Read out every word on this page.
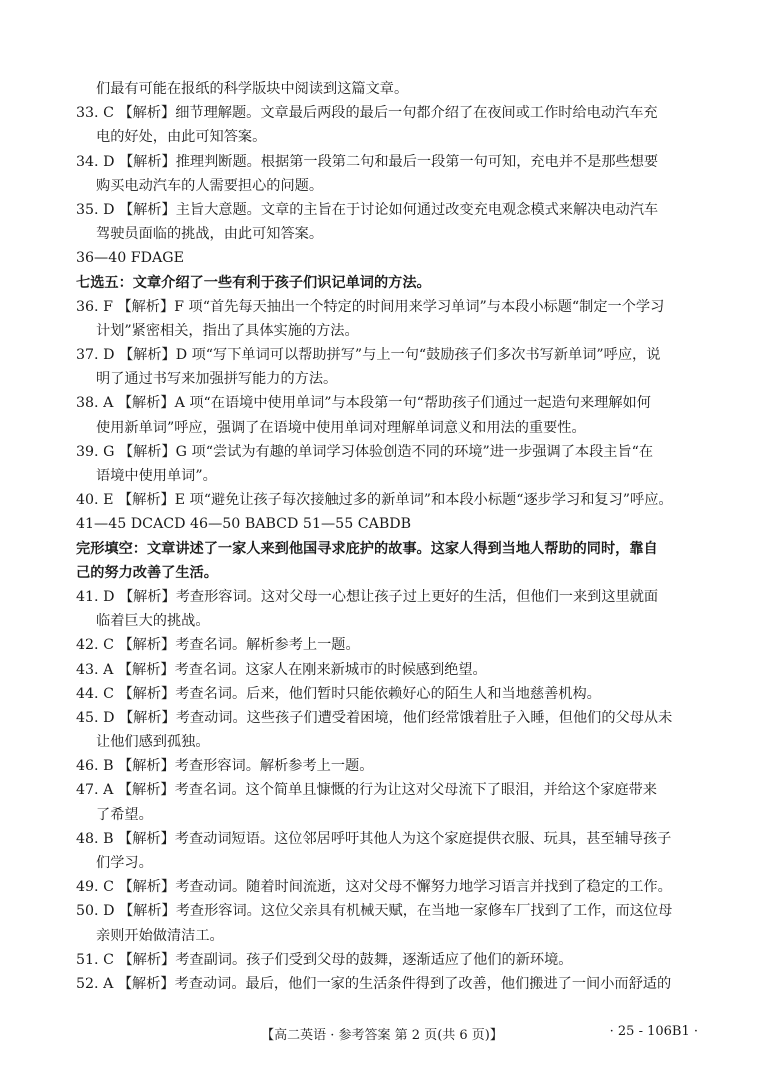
们最有可能在报纸的科学版块中阅读到这篇文章。
33. C 【解析】细节理解题。文章最后两段的最后一句都介绍了在夜间或工作时给电动汽车充
电的好处，由此可知答案。
34. D 【解析】推理判断题。根据第一段第二句和最后一段第一句可知，充电并不是那些想要
购买电动汽车的人需要担心的问题。
35. D 【解析】主旨大意题。文章的主旨在于讨论如何通过改变充电观念模式来解决电动汽车
驾驶员面临的挑战，由此可知答案。
36—40 FDAGE
七选五：文章介绍了一些有利于孩子们识记单词的方法。
36. F 【解析】F 项“首先每天抽出一个特定的时间用来学习单词”与本段小标题“制定一个学习
计划”紧密相关，指出了具体实施的方法。
37. D 【解析】D 项“写下单词可以帮助拼写”与上一句“鼓励孩子们多次书写新单词”呼应，说
明了通过书写来加强拼写能力的方法。
38. A 【解析】A 项“在语境中使用单词”与本段第一句“帮助孩子们通过一起造句来理解如何
使用新单词”呼应，强调了在语境中使用单词对理解单词意义和用法的重要性。
39. G 【解析】G 项“尝试为有趣的单词学习体验创造不同的环境”进一步强调了本段主旨“在
语境中使用单词”。
40. E 【解析】E 项“避免让孩子每次接触过多的新单词”和本段小标题“逐步学习和复习”呼应。
41—45 DCACD 46—50 BABCD 51—55 CABDB
完形填空：文章讲述了一家人来到他国寻求庇护的故事。这家人得到当地人帮助的同时，靠自
己的努力改善了生活。
41. D 【解析】考查形容词。这对父母一心想让孩子过上更好的生活，但他们一来到这里就面
临着巨大的挑战。
42. C 【解析】考查名词。解析参考上一题。
43. A 【解析】考查名词。这家人在刚来新城市的时候感到绝望。
44. C 【解析】考查名词。后来，他们暂时只能依赖好心的陌生人和当地慈善机构。
45. D 【解析】考查动词。这些孩子们遭受着困境，他们经常饿着肚子入睡，但他们的父母从未
让他们感到孤独。
46. B 【解析】考查形容词。解析参考上一题。
47. A 【解析】考查名词。这个简单且慷慨的行为让这对父母流下了眼泪，并给这个家庭带来
了希望。
48. B 【解析】考查动词短语。这位邻居呼吁其他人为这个家庭提供衣服、玩具，甚至辅导孩子
们学习。
49. C 【解析】考查动词。随着时间流逝，这对父母不懈努力地学习语言并找到了稳定的工作。
50. D 【解析】考查形容词。这位父亲具有机械天赋，在当地一家修车厂找到了工作，而这位母
亲则开始做清洁工。
51. C 【解析】考查副词。孩子们受到父母的鼓舞，逐渐适应了他们的新环境。
52. A 【解析】考查动词。最后，他们一家的生活条件得到了改善，他们搬进了一间小而舒适的
【高二英语 · 参考答案 第 2 页(共 6 页)】	· 25 - 106B1 ·
